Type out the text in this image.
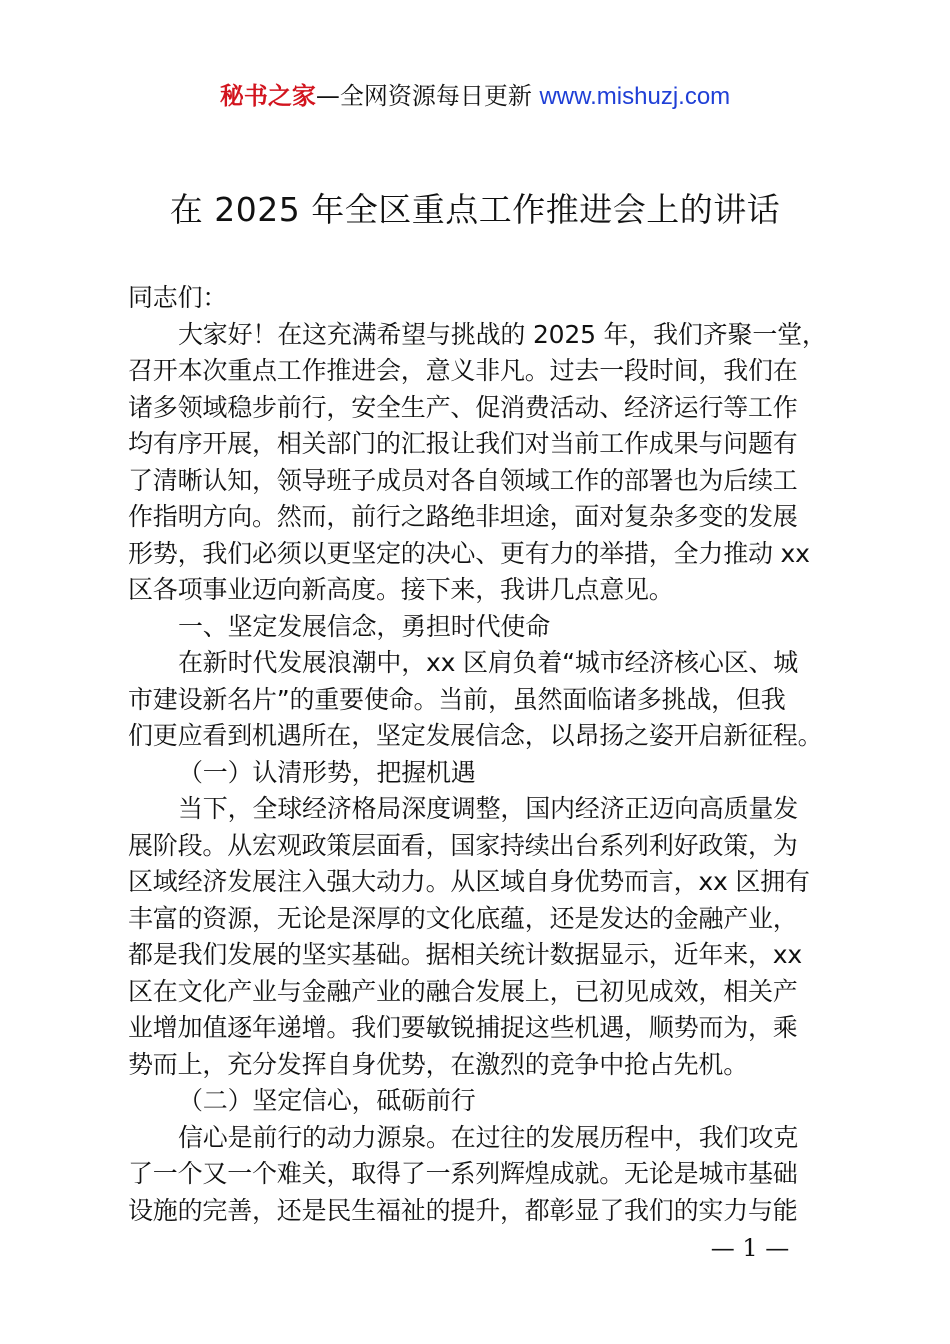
秘书之家—全网资源每日更新 www.mishuzj.com
在 2025 年全区重点工作推进会上的讲话
同志们：
大家好！在这充满希望与挑战的 2025 年，我们齐聚一堂，
召开本次重点工作推进会，意义非凡。过去一段时间，我们在
诸多领域稳步前行，安全生产、促消费活动、经济运行等工作
均有序开展，相关部门的汇报让我们对当前工作成果与问题有
了清晰认知，领导班子成员对各自领域工作的部署也为后续工
作指明方向。然而，前行之路绝非坦途，面对复杂多变的发展
形势，我们必须以更坚定的决心、更有力的举措，全力推动 xx
区各项事业迈向新高度。接下来，我讲几点意见。
一、坚定发展信念，勇担时代使命
在新时代发展浪潮中，xx 区肩负着“城市经济核心区、城
市建设新名片”的重要使命。当前，虽然面临诸多挑战，但我
们更应看到机遇所在，坚定发展信念，以昂扬之姿开启新征程。
（一）认清形势，把握机遇
当下，全球经济格局深度调整，国内经济正迈向高质量发
展阶段。从宏观政策层面看，国家持续出台系列利好政策，为
区域经济发展注入强大动力。从区域自身优势而言，xx 区拥有
丰富的资源，无论是深厚的文化底蕴，还是发达的金融产业，
都是我们发展的坚实基础。据相关统计数据显示，近年来，xx
区在文化产业与金融产业的融合发展上，已初见成效，相关产
业增加值逐年递增。我们要敏锐捕捉这些机遇，顺势而为，乘
势而上，充分发挥自身优势，在激烈的竞争中抢占先机。
（二）坚定信心，砥砺前行
信心是前行的动力源泉。在过往的发展历程中，我们攻克
了一个又一个难关，取得了一系列辉煌成就。无论是城市基础
设施的完善，还是民生福祉的提升，都彰显了我们的实力与能
— 1 —
